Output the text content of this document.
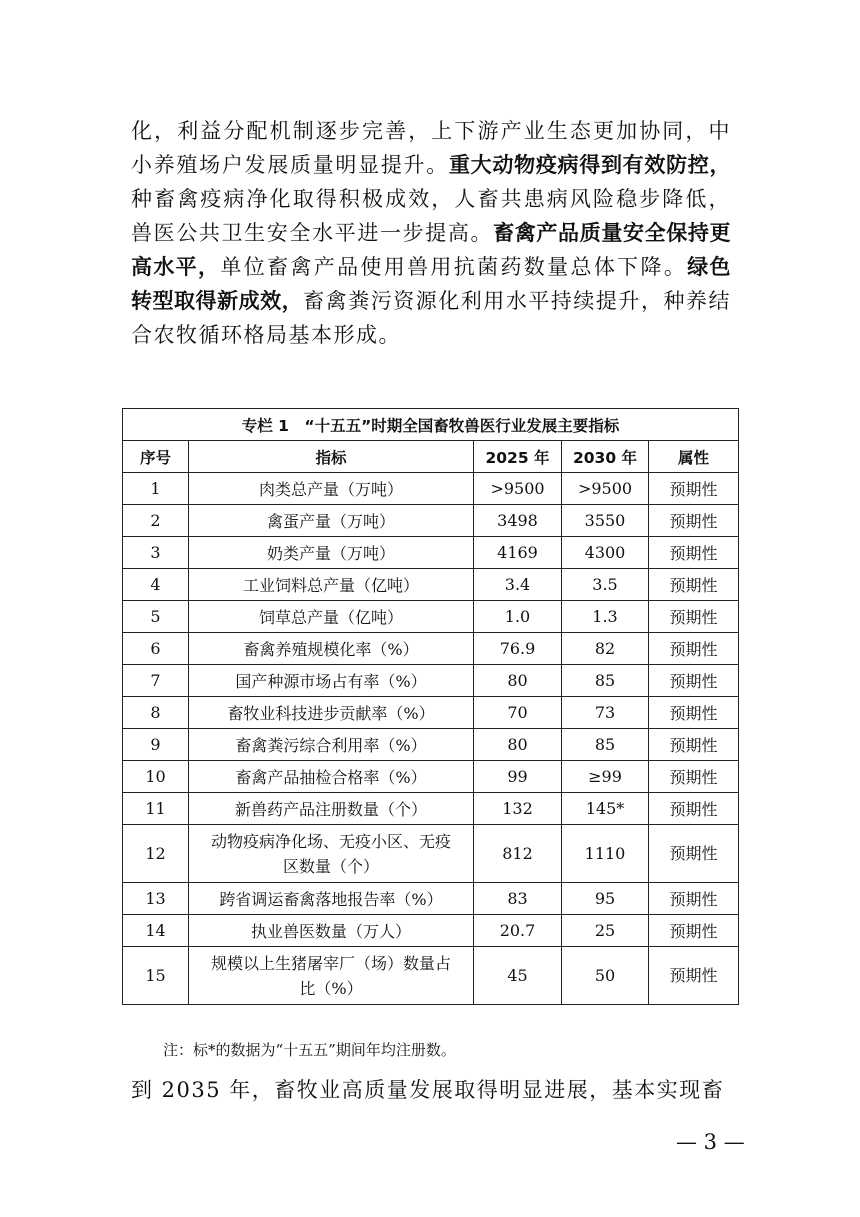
化，利益分配机制逐步完善，上下游产业生态更加协同，中小养殖场户发展质量明显提升。重大动物疫病得到有效防控，种畜禽疫病净化取得积极成效，人畜共患病风险稳步降低，兽医公共卫生安全水平进一步提高。畜禽产品质量安全保持更高水平，单位畜禽产品使用兽用抗菌药数量总体下降。绿色转型取得新成效，畜禽粪污资源化利用水平持续提升，种养结合农牧循环格局基本形成。

专栏 1　“十五五”时期全国畜牧兽医行业发展主要指标				
序号	指标	2025 年	2030 年	属性
1	肉类总产量（万吨）	>9500	>9500	预期性
2	禽蛋产量（万吨）	3498	3550	预期性
3	奶类产量（万吨）	4169	4300	预期性
4	工业饲料总产量（亿吨）	3.4	3.5	预期性
5	饲草总产量（亿吨）	1.0	1.3	预期性
6	畜禽养殖规模化率（%）	76.9	82	预期性
7	国产种源市场占有率（%）	80	85	预期性
8	畜牧业科技进步贡献率（%）	70	73	预期性
9	畜禽粪污综合利用率（%）	80	85	预期性
10	畜禽产品抽检合格率（%）	99	≥99	预期性
11	新兽药产品注册数量（个）	132	145*	预期性
12	动物疫病净化场、无疫小区、无疫区数量（个）	812	1110	预期性
13	跨省调运畜禽落地报告率（%）	83	95	预期性
14	执业兽医数量（万人）	20.7	25	预期性
15	规模以上生猪屠宰厂（场）数量占比（%）	45	50	预期性

注：标*的数据为“十五五”期间年均注册数。

到 2035 年，畜牧业高质量发展取得明显进展，基本实现畜

— 3 —
